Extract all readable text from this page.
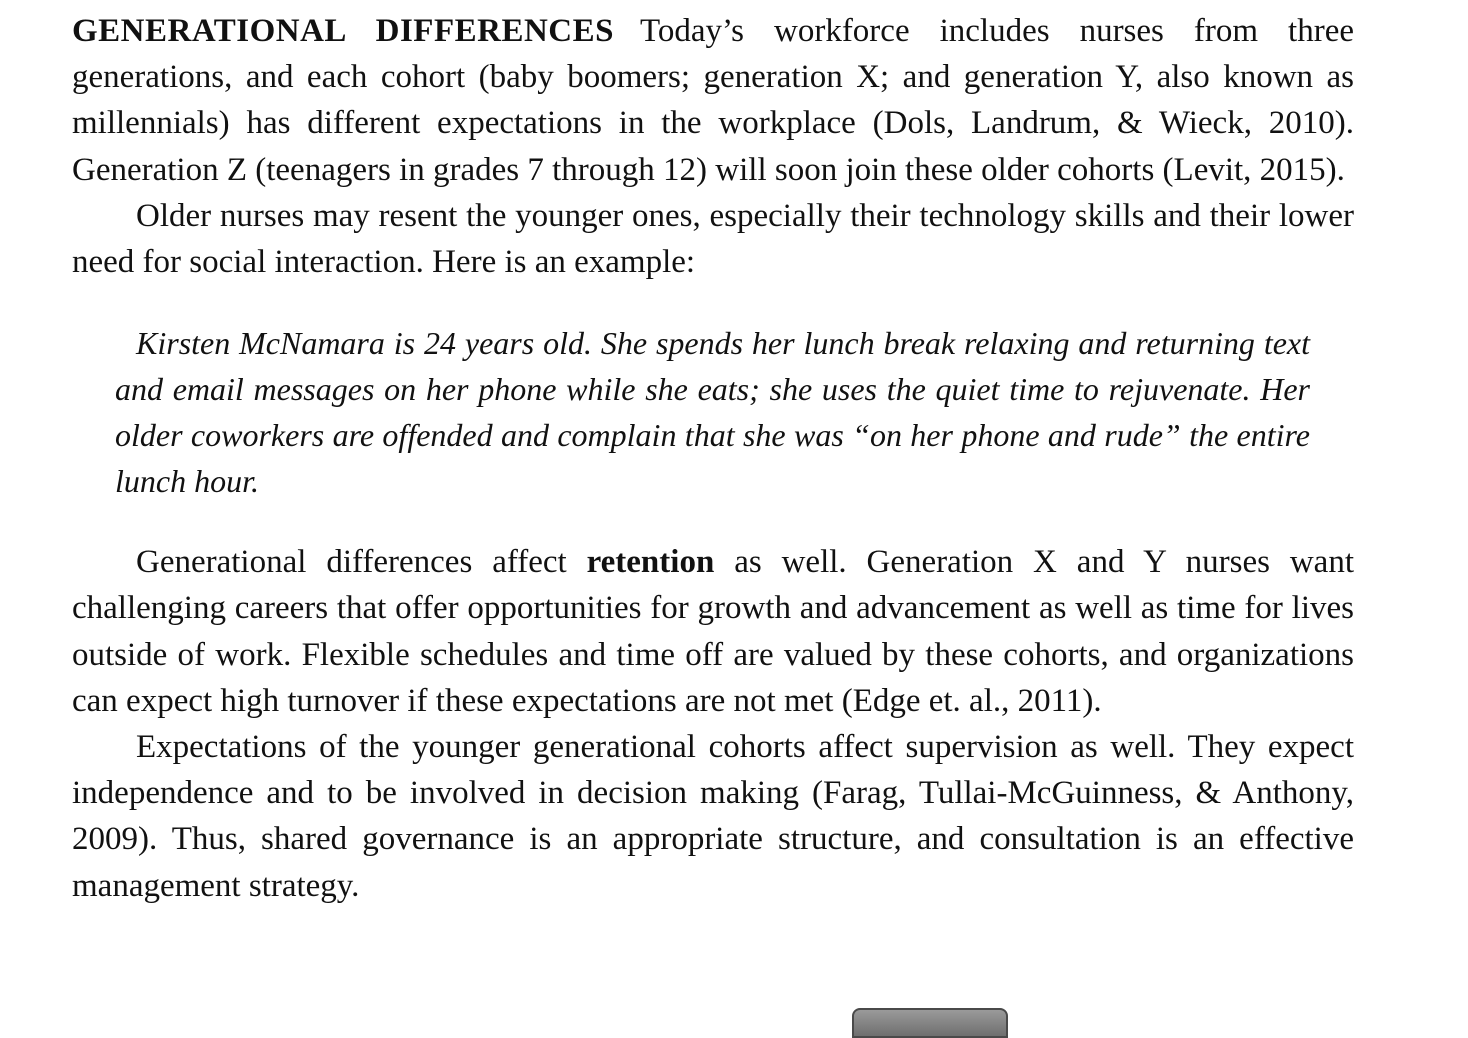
GENERATIONAL DIFFERENCES Today’s workforce includes nurses from three generations, and each cohort (baby boomers; generation X; and generation Y, also known as millennials) has different expectations in the workplace (Dols, Landrum, & Wieck, 2010). Generation Z (teenagers in grades 7 through 12) will soon join these older cohorts (Levit, 2015).

Older nurses may resent the younger ones, especially their technology skills and their lower need for social interaction. Here is an example:

Kirsten McNamara is 24 years old. She spends her lunch break relaxing and returning text and email messages on her phone while she eats; she uses the quiet time to rejuvenate. Her older coworkers are offended and complain that she was “on her phone and rude” the entire lunch hour.

Generational differences affect retention as well. Generation X and Y nurses want challenging careers that offer opportunities for growth and advancement as well as time for lives outside of work. Flexible schedules and time off are valued by these cohorts, and organizations can expect high turnover if these expectations are not met (Edge et. al., 2011).

Expectations of the younger generational cohorts affect supervision as well. They expect independence and to be involved in decision making (Farag, Tullai-McGuinness, & Anthony, 2009). Thus, shared governance is an appropriate structure, and consultation is an effective management strategy.
